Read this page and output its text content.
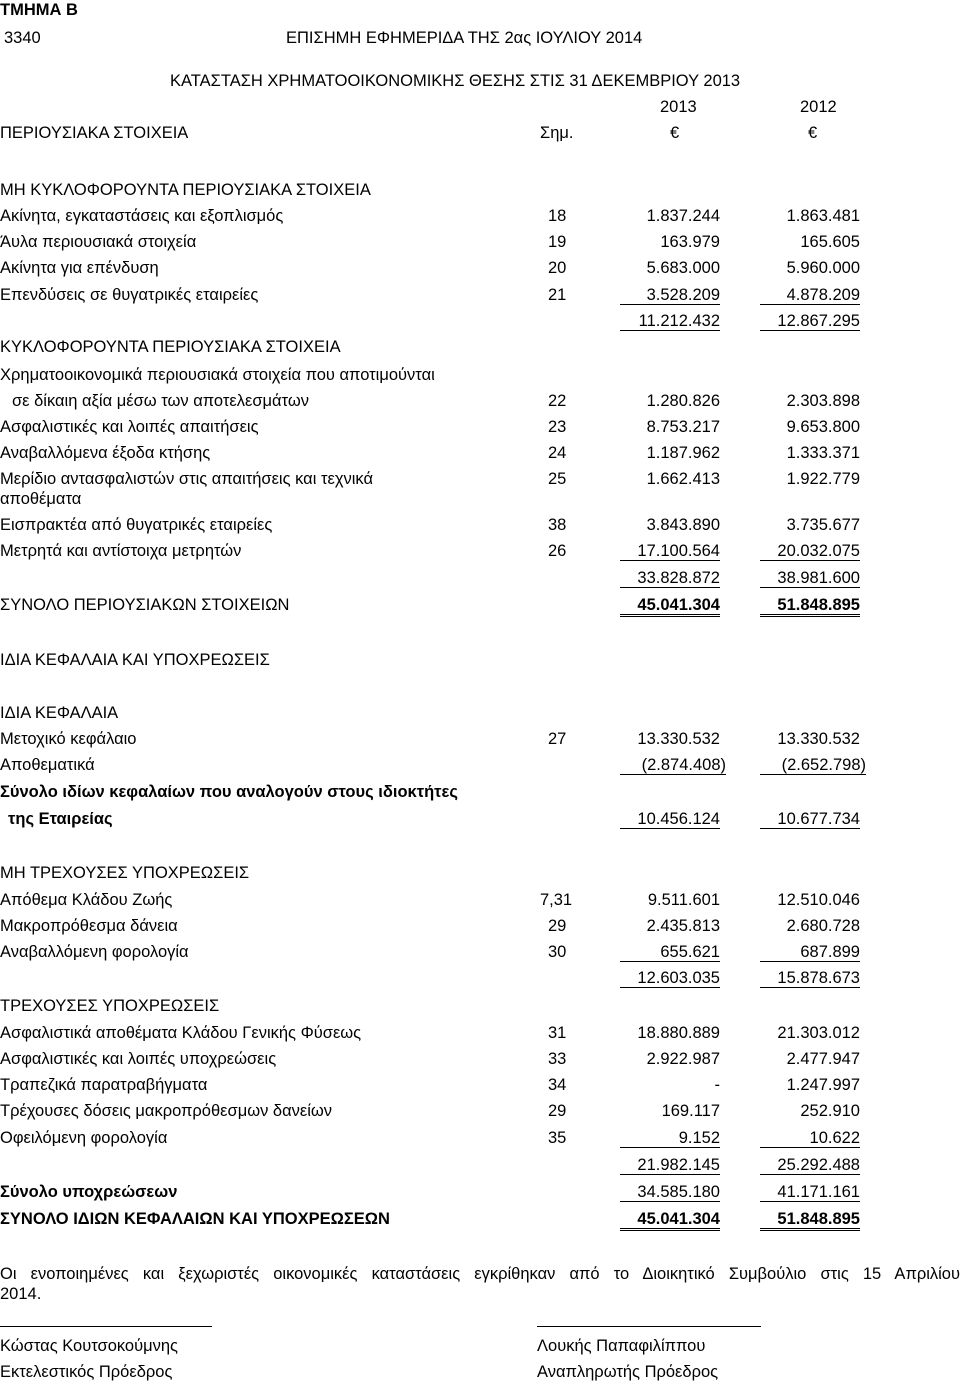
ΤΜΗΜΑ Β
3340	ΕΠΙΣΗΜΗ ΕΦΗΜΕΡΙΔΑ ΤΗΣ 2ας ΙΟΥΛΙΟΥ 2014
ΚΑΤΑΣΤΑΣΗ ΧΡΗΜΑΤΟΟΙΚΟΝΟΜΙΚΗΣ ΘΕΣΗΣ ΣΤΙΣ 31 ΔΕΚΕΜΒΡΙΟΥ 2013
2013	2012
ΠΕΡΙΟΥΣΙΑΚΑ ΣΤΟΙΧΕΙΑ	Σημ.	€	€
ΜΗ ΚΥΚΛΟΦΟΡΟΥΝΤΑ ΠΕΡΙΟΥΣΙΑΚΑ ΣΤΟΙΧΕΙΑ
Ακίνητα, εγκαταστάσεις και εξοπλισμός	18	1.837.244	1.863.481
Άυλα περιουσιακά στοιχεία	19	163.979	165.605
Ακίνητα για επένδυση	20	5.683.000	5.960.000
Επενδύσεις σε θυγατρικές εταιρείες	21	3.528.209	4.878.209
11.212.432	12.867.295
ΚΥΚΛΟΦΟΡΟΥΝΤΑ ΠΕΡΙΟΥΣΙΑΚΑ ΣΤΟΙΧΕΙΑ
Χρηματοοικονομικά περιουσιακά στοιχεία που αποτιμούνται
σε δίκαιη αξία μέσω των αποτελεσμάτων	22	1.280.826	2.303.898
Ασφαλιστικές και λοιπές απαιτήσεις	23	8.753.217	9.653.800
Αναβαλλόμενα έξοδα κτήσης	24	1.187.962	1.333.371
Μερίδιο αντασφαλιστών στις απαιτήσεις και τεχνικά	25	1.662.413	1.922.779
αποθέματα
Εισπρακτέα από θυγατρικές εταιρείες	38	3.843.890	3.735.677
Μετρητά και αντίστοιχα μετρητών	26	17.100.564	20.032.075
33.828.872	38.981.600
ΣΥΝΟΛΟ ΠΕΡΙΟΥΣΙΑΚΩΝ ΣΤΟΙΧΕΙΩΝ	45.041.304	51.848.895
ΙΔΙΑ ΚΕΦΑΛΑΙΑ ΚΑΙ ΥΠΟΧΡΕΩΣΕΙΣ
ΙΔΙΑ ΚΕΦΑΛΑΙΑ
Μετοχικό κεφάλαιο	27	13.330.532	13.330.532
Αποθεματικά	(2.874.408)	(2.652.798)
Σύνολο ιδίων κεφαλαίων που αναλογούν στους ιδιοκτήτες
της Εταιρείας	10.456.124	10.677.734
ΜΗ ΤΡΕΧΟΥΣΕΣ ΥΠΟΧΡΕΩΣΕΙΣ
Απόθεμα Κλάδου Ζωής	7,31	9.511.601	12.510.046
Μακροπρόθεσμα δάνεια	29	2.435.813	2.680.728
Αναβαλλόμενη φορολογία	30	655.621	687.899
12.603.035	15.878.673
ΤΡΕΧΟΥΣΕΣ ΥΠΟΧΡΕΩΣΕΙΣ
Ασφαλιστικά αποθέματα Κλάδου Γενικής Φύσεως	31	18.880.889	21.303.012
Ασφαλιστικές και λοιπές υποχρεώσεις	33	2.922.987	2.477.947
Τραπεζικά παρατραβήγματα	34	-	1.247.997
Τρέχουσες δόσεις μακροπρόθεσμων δανείων	29	169.117	252.910
Οφειλόμενη φορολογία	35	9.152	10.622
21.982.145	25.292.488
Σύνολο υποχρεώσεων	34.585.180	41.171.161
ΣΥΝΟΛΟ ΙΔΙΩΝ ΚΕΦΑΛΑΙΩΝ ΚΑΙ ΥΠΟΧΡΕΩΣΕΩΝ	45.041.304	51.848.895
Οι ενοποιημένες και ξεχωριστές οικονομικές καταστάσεις εγκρίθηκαν από το Διοικητικό Συμβούλιο στις 15 Απριλίου
2014.
Κώστας Κουτσοκούμνης	Λουκής Παπαφιλίππου
Εκτελεστικός Πρόεδρος	Αναπληρωτής Πρόεδρος
